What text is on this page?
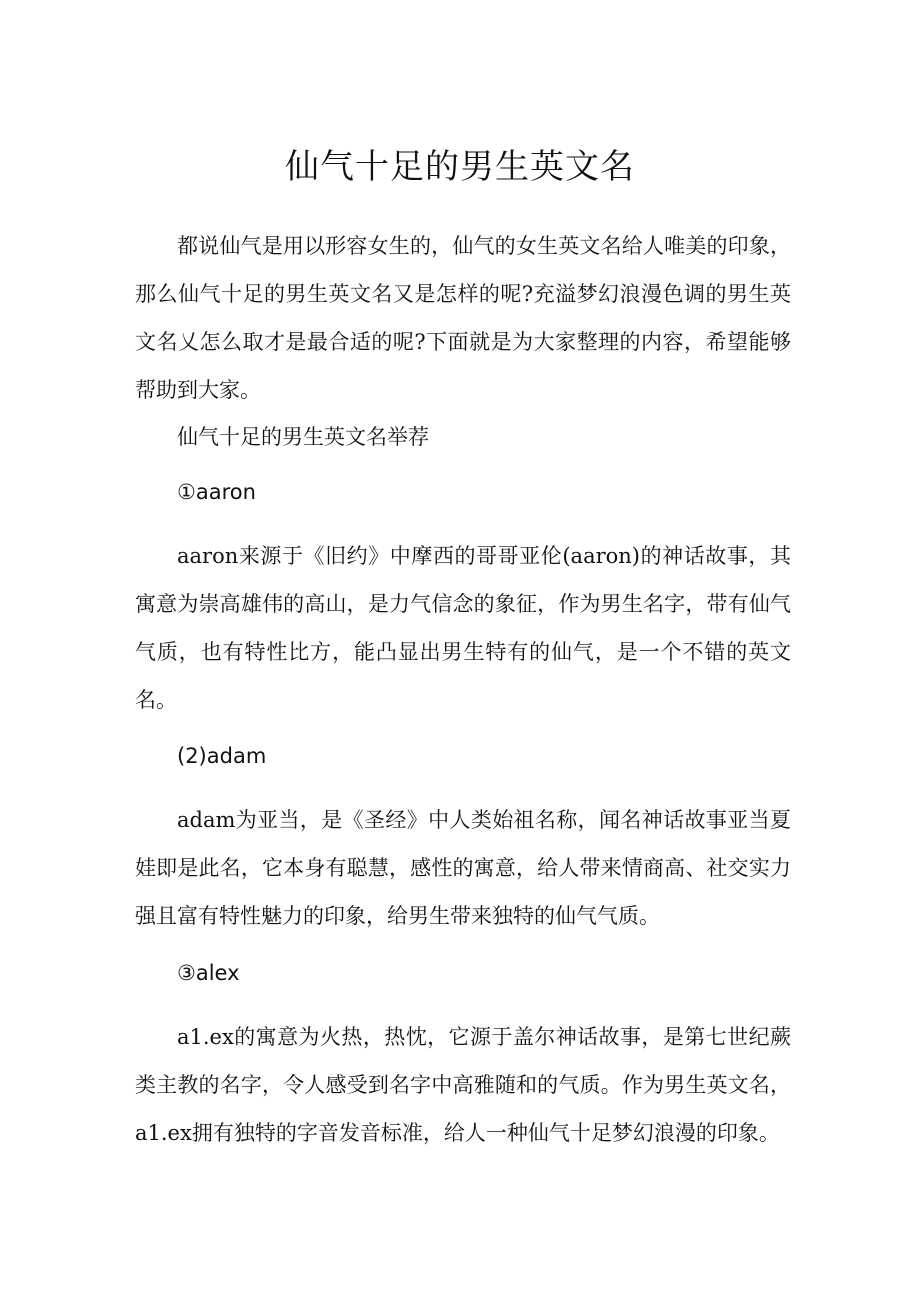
仙气十足的男生英文名

都说仙气是用以形容女生的，仙气的女生英文名给人唯美的印象，那么仙气十足的男生英文名又是怎样的呢?充溢梦幻浪漫色调的男生英文名乂怎么取才是最合适的呢?下面就是为大家整理的内容，希望能够帮助到大家。

仙气十足的男生英文名举荐

①aaron

aaron来源于《旧约》中摩西的哥哥亚伦(aaron)的神话故事，其寓意为崇高雄伟的高山，是力气信念的象征，作为男生名字，带有仙气气质，也有特性比方，能凸显出男生特有的仙气，是一个不错的英文名。

(2)adam

adam为亚当，是《圣经》中人类始祖名称，闻名神话故事亚当夏娃即是此名，它本身有聪慧，感性的寓意，给人带来情商高、社交实力强且富有特性魅力的印象，给男生带来独特的仙气气质。

③alex

a1.ex的寓意为火热，热忱，它源于盖尔神话故事，是第七世纪蕨类主教的名字，令人感受到名字中高雅随和的气质。作为男生英文名，a1.ex拥有独特的字音发音标准，给人一种仙气十足梦幻浪漫的印象。
